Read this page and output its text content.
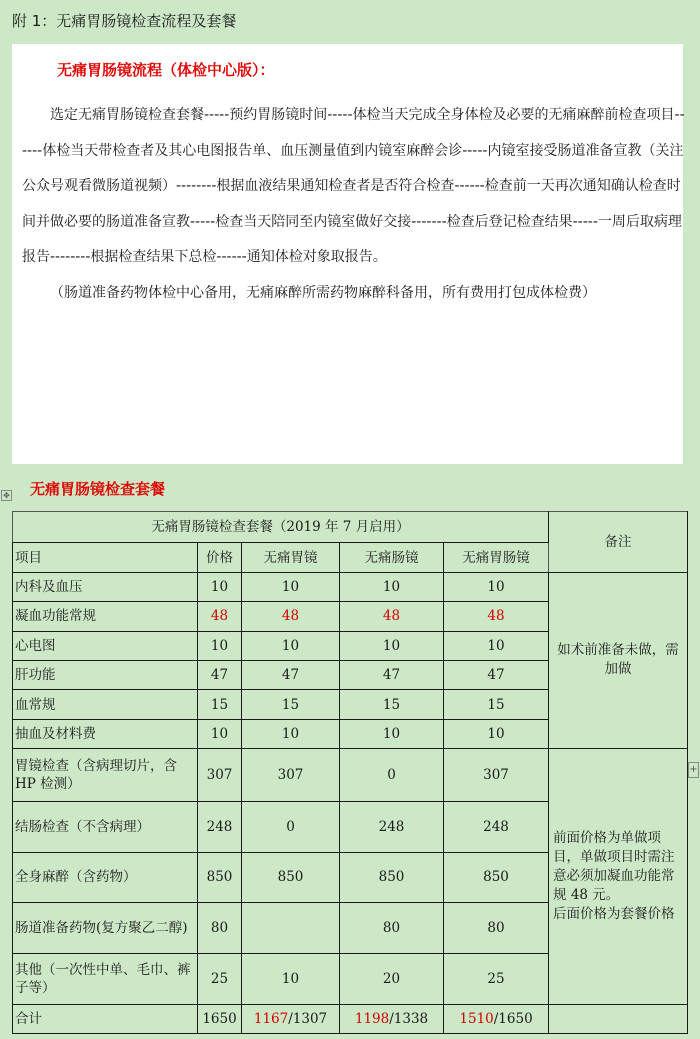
附 1：无痛胃肠镜检查流程及套餐
无痛胃肠镜流程（体检中心版）：

选定无痛胃肠镜检查套餐-----预约胃肠镜时间-----体检当天完成全身体检及必要的无痛麻醉前检查项目------体检当天带检查者及其心电图报告单、血压测量值到内镜室麻醉会诊-----内镜室接受肠道准备宣教（关注公众号观看微肠道视频）--------根据血液结果通知检查者是否符合检查------检查前一天再次通知确认检查时间并做必要的肠道准备宣教-----检查当天陪同至内镜室做好交接-------检查后登记检查结果-----一周后取病理报告--------根据检查结果下总检------通知体检对象取报告。

（肠道准备药物体检中心备用，无痛麻醉所需药物麻醉科备用，所有费用打包成体检费）

无痛胃肠镜检查套餐
✥
+
无痛胃肠镜检查套餐（2019 年 7 月启用）					备注
项目	价格	无痛胃镜	无痛肠镜	无痛胃肠镜	
内科及血压	10	10	10	10	如术前准备未做，需加做
凝血功能常规	48	48	48	48	
心电图	10	10	10	10	
肝功能	47	47	47	47	
血常规	15	15	15	15	
抽血及材料费	10	10	10	10	
胃镜检查（含病理切片，含 HP 检测）	307	307	0	307	前面价格为单做项目，单做项目时需注意必须加凝血功能常规 48 元。
后面价格为套餐价格
结肠检查（不含病理）	248	0	248	248	
全身麻醉（含药物）	850	850	850	850	
肠道准备药物(复方聚乙二醇)	80		80	80	
其他（一次性中单、毛巾、裤子等）	25	10	20	25	
合计	1650	1167/1307	1198/1338	1510/1650	
